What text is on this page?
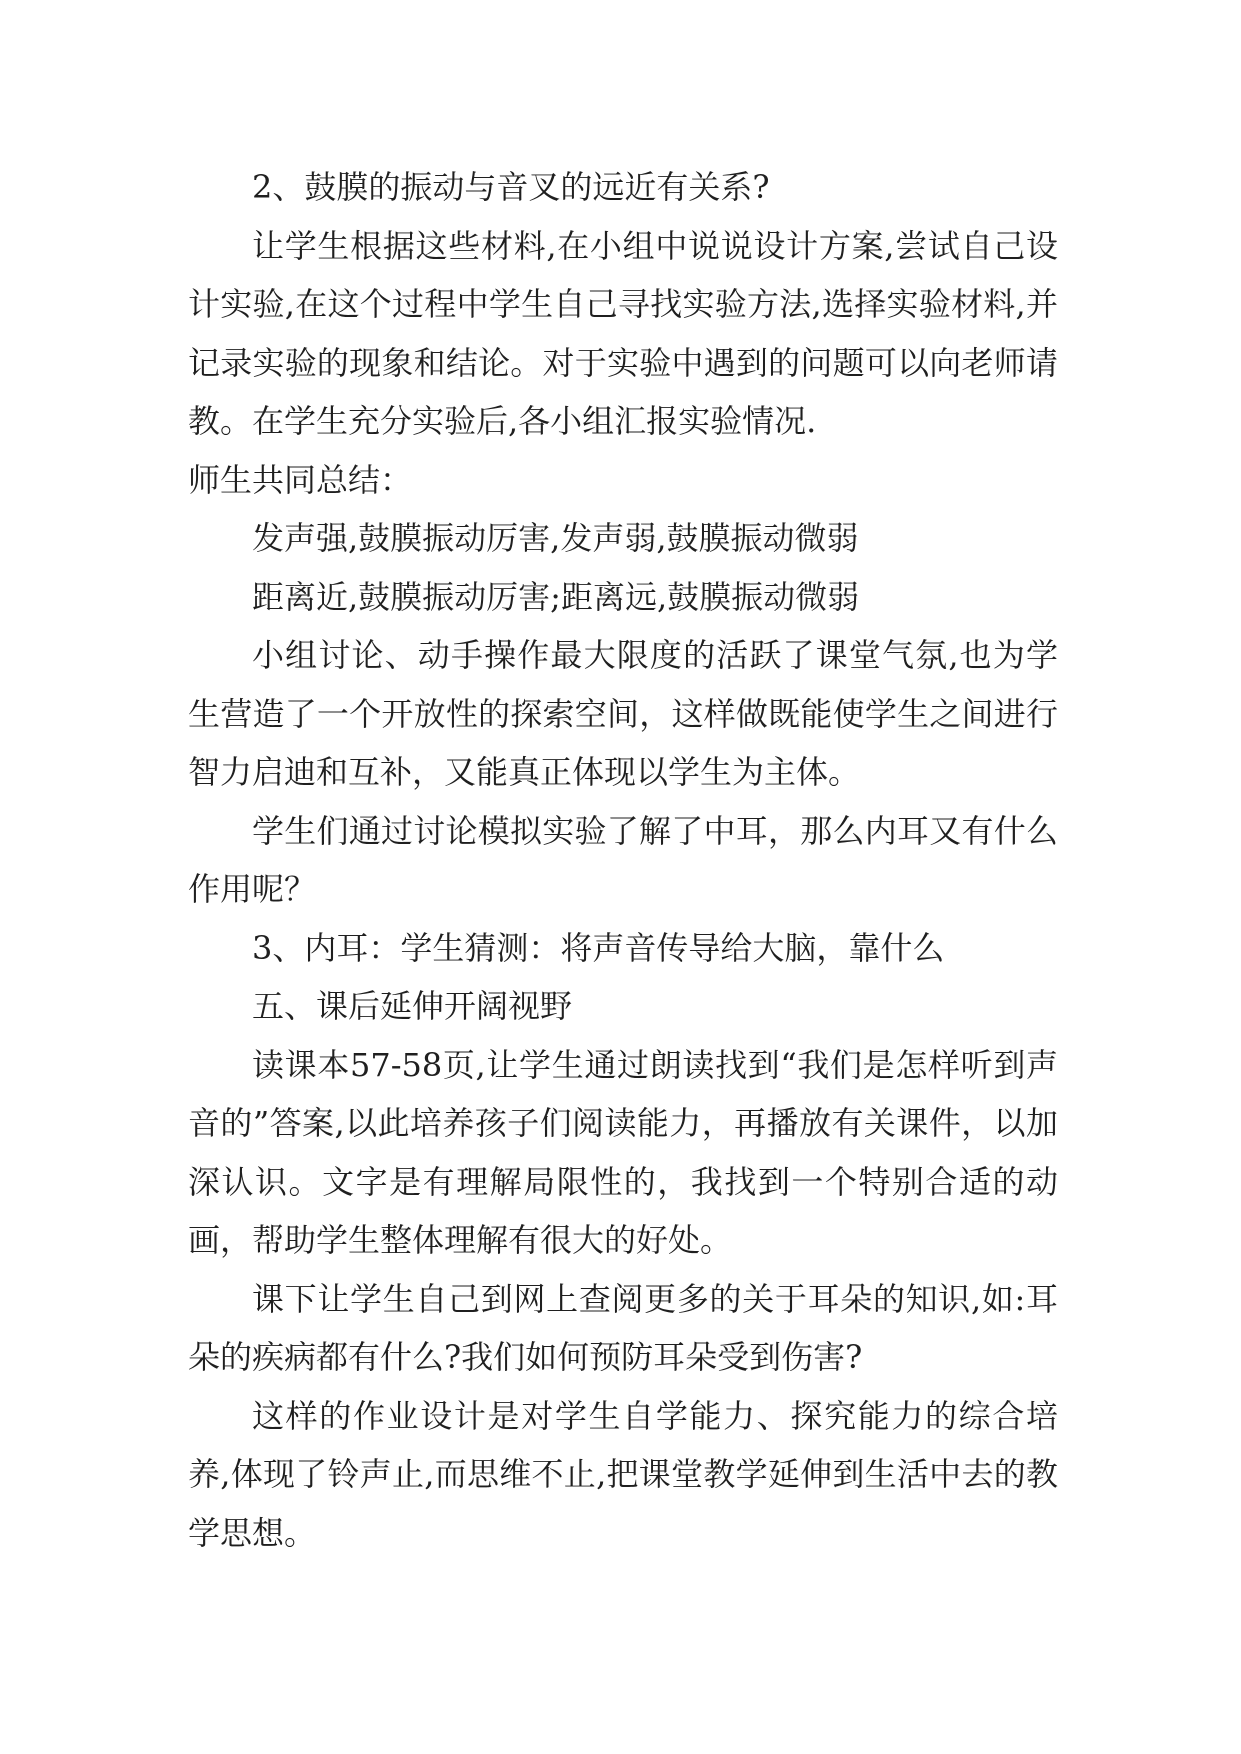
2、鼓膜的振动与音叉的远近有关系?

让学生根据这些材料,在小组中说说设计方案,尝试自己设计实验,在这个过程中学生自己寻找实验方法,选择实验材料,并记录实验的现象和结论。对于实验中遇到的问题可以向老师请教。在学生充分实验后,各小组汇报实验情况.

师生共同总结：

发声强,鼓膜振动厉害,发声弱,鼓膜振动微弱

距离近,鼓膜振动厉害;距离远,鼓膜振动微弱

小组讨论、动手操作最大限度的活跃了课堂气氛,也为学生营造了一个开放性的探索空间，这样做既能使学生之间进行智力启迪和互补，又能真正体现以学生为主体。

学生们通过讨论模拟实验了解了中耳，那么内耳又有什么作用呢？

3、内耳：学生猜测：将声音传导给大脑，靠什么

五、课后延伸开阔视野

读课本57-58页,让学生通过朗读找到“我们是怎样听到声音的”答案,以此培养孩子们阅读能力，再播放有关课件，以加深认识。文字是有理解局限性的，我找到一个特别合适的动画，帮助学生整体理解有很大的好处。

课下让学生自己到网上查阅更多的关于耳朵的知识,如:耳朵的疾病都有什么?我们如何预防耳朵受到伤害?

这样的作业设计是对学生自学能力、探究能力的综合培养,体现了铃声止,而思维不止,把课堂教学延伸到生活中去的教学思想。
